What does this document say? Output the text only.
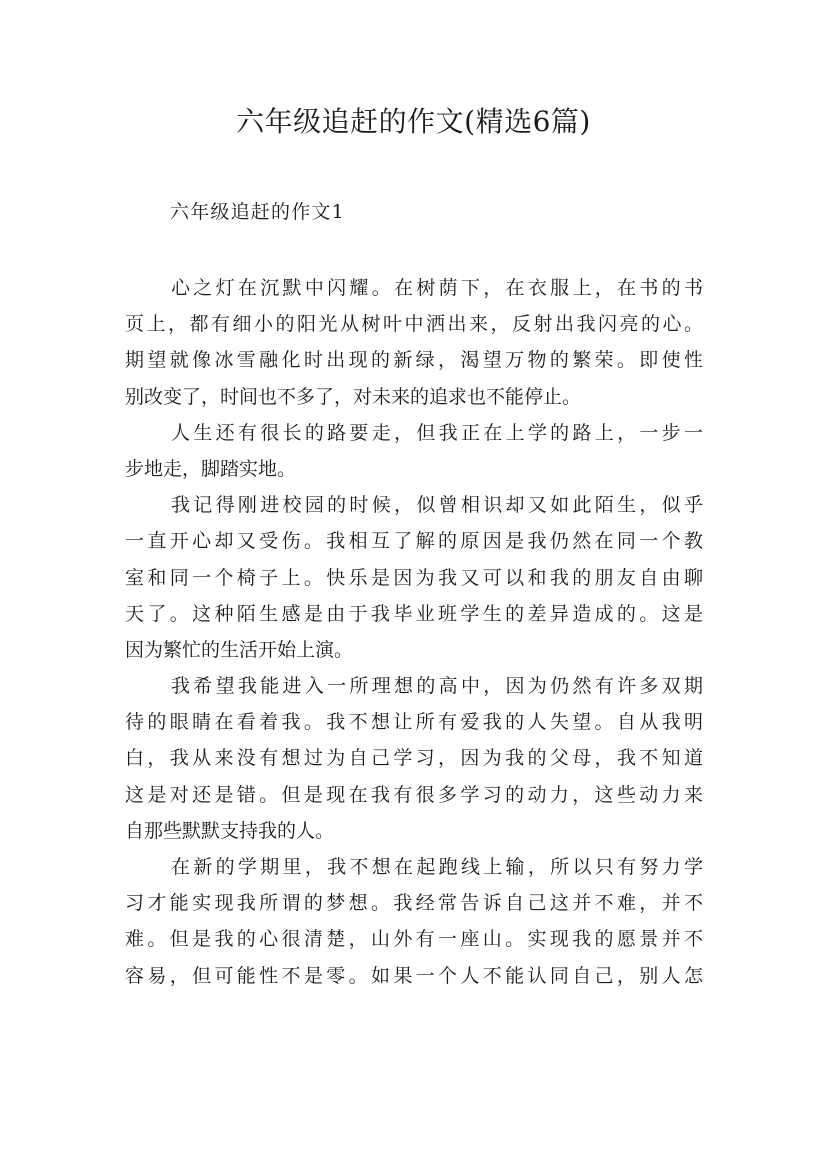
六年级追赶的作文(精选6篇)
六年级追赶的作文1
心之灯在沉默中闪耀。在树荫下，在衣服上，在书的书
页上，都有细小的阳光从树叶中洒出来，反射出我闪亮的心。
期望就像冰雪融化时出现的新绿，渴望万物的繁荣。即使性
别改变了，时间也不多了，对未来的追求也不能停止。
人生还有很长的路要走，但我正在上学的路上，一步一
步地走，脚踏实地。
我记得刚进校园的时候，似曾相识却又如此陌生，似乎
一直开心却又受伤。我相互了解的原因是我仍然在同一个教
室和同一个椅子上。快乐是因为我又可以和我的朋友自由聊
天了。这种陌生感是由于我毕业班学生的差异造成的。这是
因为繁忙的生活开始上演。
我希望我能进入一所理想的高中，因为仍然有许多双期
待的眼睛在看着我。我不想让所有爱我的人失望。自从我明
白，我从来没有想过为自己学习，因为我的父母，我不知道
这是对还是错。但是现在我有很多学习的动力，这些动力来
自那些默默支持我的人。
在新的学期里，我不想在起跑线上输，所以只有努力学
习才能实现我所谓的梦想。我经常告诉自己这并不难，并不
难。但是我的心很清楚，山外有一座山。实现我的愿景并不
容易，但可能性不是零。如果一个人不能认同自己，别人怎
